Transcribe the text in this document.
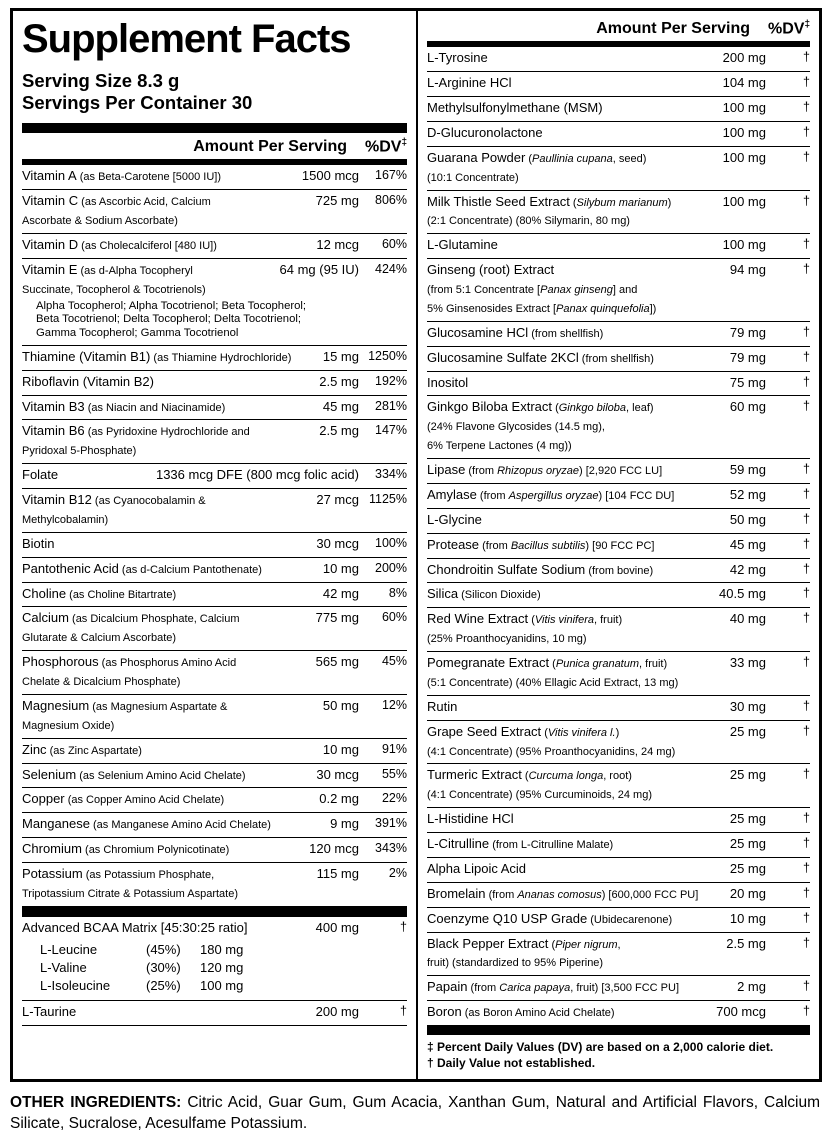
Supplement Facts
Serving Size 8.3 g
Servings Per Container 30
Amount Per Serving %DV‡
Vitamin A (as Beta-Carotene [5000 IU])	1500 mcg	167%
Vitamin C (as Ascorbic Acid, Calcium
Ascorbate & Sodium Ascorbate)
725 mg	806%
Vitamin D (as Cholecalciferol [480 IU])	12 mcg	60%
Vitamin E (as d-Alpha Tocopheryl
Succinate, Tocopherol & Tocotrienols)
64 mg (95 IU)	424%
Alpha Tocopherol; Alpha Tocotrienol; Beta Tocopherol;
Beta Tocotrienol; Delta Tocopherol; Delta Tocotrienol;
Gamma Tocopherol; Gamma Tocotrienol
Thiamine (Vitamin B1) (as Thiamine Hydrochloride)	15 mg 1250%
Riboflavin (Vitamin B2)	2.5 mg	192%
Vitamin B3 (as Niacin and Niacinamide)	45 mg	281%
Vitamin B6 (as Pyridoxine Hydrochloride and
Pyridoxal 5-Phosphate)
2.5 mg	147%
Folate	1336 mcg DFE (800 mcg folic acid)	334%
Vitamin B12 (as Cyanocobalamin &
Methylcobalamin)
27 mcg 1125%
Biotin	30 mcg	100%
Pantothenic Acid (as d-Calcium Pantothenate)	10 mg	200%
Choline (as Choline Bitartrate)	42 mg	8%
Calcium (as Dicalcium Phosphate, Calcium
Glutarate & Calcium Ascorbate)
775 mg	60%
Phosphorous (as Phosphorus Amino Acid
Chelate & Dicalcium Phosphate)
565 mg	45%
Magnesium (as Magnesium Aspartate &
Magnesium Oxide)
50 mg	12%
Zinc (as Zinc Aspartate)	10 mg	91%
Selenium (as Selenium Amino Acid Chelate)	30 mcg	55%
Copper (as Copper Amino Acid Chelate)	0.2 mg	22%
Manganese (as Manganese Amino Acid Chelate)	9 mg	391%
Chromium (as Chromium Polynicotinate)	120 mcg	343%
Potassium (as Potassium Phosphate,
Tripotassium Citrate & Potassium Aspartate)
115 mg	2%
Advanced BCAA Matrix [45:30:25 ratio]	400 mg	†
L-Leucine	(45%)	180 mg
L-Valine	(30%)	120 mg
L-Isoleucine	(25%)	100 mg
L-Taurine	200 mg	†
Amount Per Serving %DV‡
L-Tyrosine	200 mg	†
L-Arginine HCl	104 mg	†
Methylsulfonylmethane (MSM)	100 mg	†
D-Glucuronolactone	100 mg	†
Guarana Powder (Paullinia cupana, seed)
(10:1 Concentrate)
100 mg	†
Milk Thistle Seed Extract (Silybum marianum)
(2:1 Concentrate) (80% Silymarin, 80 mg)
100 mg	†
L-Glutamine	100 mg	†
Ginseng (root) Extract
(from 5:1 Concentrate [Panax ginseng] and
5% Ginsenosides Extract [Panax quinquefolia])
94 mg	†
Glucosamine HCl (from shellfish)	79 mg	†
Glucosamine Sulfate 2KCl (from shellfish)	79 mg	†
Inositol	75 mg	†
Ginkgo Biloba Extract (Ginkgo biloba, leaf)
(24% Flavone Glycosides (14.5 mg),
6% Terpene Lactones (4 mg))
60 mg	†
Lipase (from Rhizopus oryzae) [2,920 FCC LU]	59 mg	†
Amylase (from Aspergillus oryzae) [104 FCC DU]	52 mg	†
L-Glycine	50 mg	†
Protease (from Bacillus subtilis) [90 FCC PC]	45 mg	†
Chondroitin Sulfate Sodium (from bovine)	42 mg	†
Silica (Silicon Dioxide)	40.5 mg	†
Red Wine Extract (Vitis vinifera, fruit)
(25% Proanthocyanidins, 10 mg)
40 mg	†
Pomegranate Extract (Punica granatum, fruit)
(5:1 Concentrate) (40% Ellagic Acid Extract, 13 mg)
33 mg	†
Rutin	30 mg	†
Grape Seed Extract (Vitis vinifera l.)
(4:1 Concentrate) (95% Proanthocyanidins, 24 mg)
25 mg	†
Turmeric Extract (Curcuma longa, root)
(4:1 Concentrate) (95% Curcuminoids, 24 mg)
25 mg	†
L-Histidine HCl	25 mg	†
L-Citrulline (from L-Citrulline Malate)	25 mg	†
Alpha Lipoic Acid	25 mg	†
Bromelain (from Ananas comosus) [600,000 FCC PU]	20 mg	†
Coenzyme Q10 USP Grade (Ubidecarenone)	10 mg	†
Black Pepper Extract (Piper nigrum,
fruit) (standardized to 95% Piperine)
2.5 mg	†
Papain (from Carica papaya, fruit) [3,500 FCC PU]	2 mg	†
Boron (as Boron Amino Acid Chelate)	700 mcg	†
‡ Percent Daily Values (DV) are based on a 2,000 calorie diet.
† Daily Value not established.
OTHER INGREDIENTS: Citric Acid, Guar Gum, Gum Acacia, Xanthan Gum, Natural and Artificial Flavors, Calcium Silicate, Sucralose, Acesulfame Potassium.
